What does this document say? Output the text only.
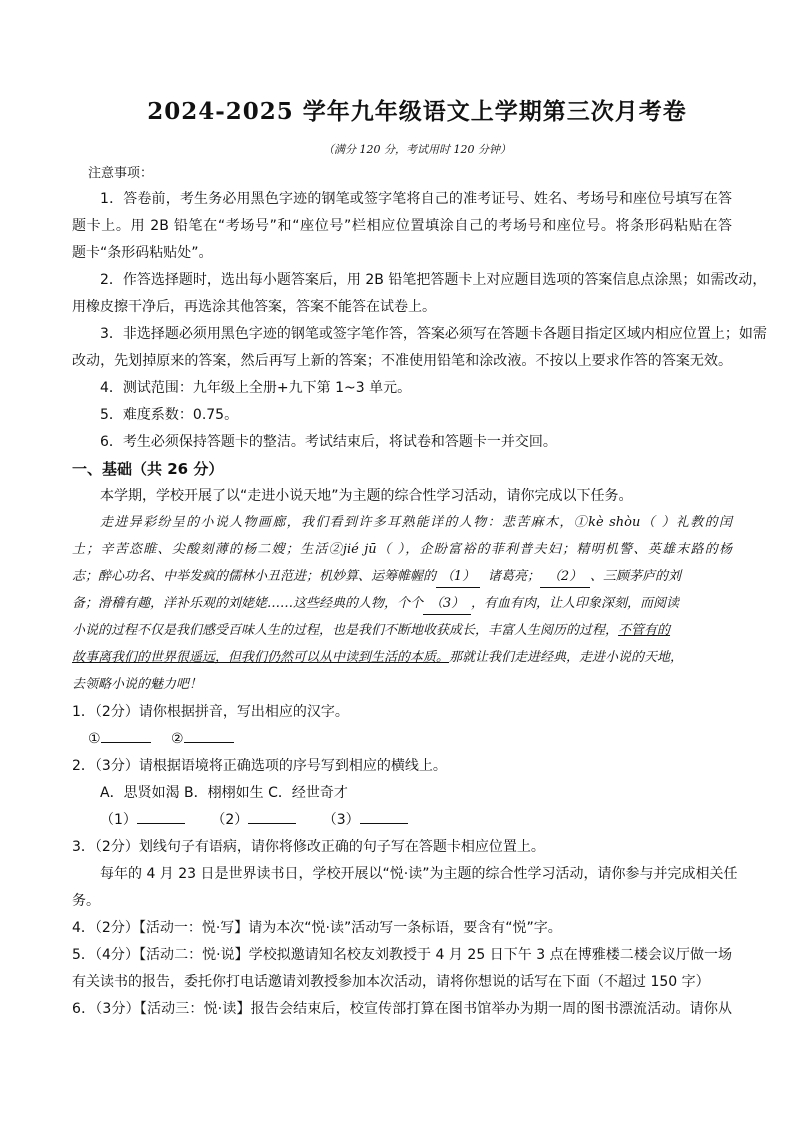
2024-2025 学年九年级语文上学期第三次月考卷
（满分 120 分，考试用时 120 分钟）
注意事项：
1．答卷前，考生务必用黑色字迹的钢笔或签字笔将自己的准考证号、姓名、考场号和座位号填写在答
题卡上。用 2B 铅笔在“考场号”和“座位号”栏相应位置填涂自己的考场号和座位号。将条形码粘贴在答
题卡“条形码粘贴处”。
2．作答选择题时，选出每小题答案后，用 2B 铅笔把答题卡上对应题目选项的答案信息点涂黑；如需改动，
用橡皮擦干净后，再选涂其他答案，答案不能答在试卷上。
3．非选择题必须用黑色字迹的钢笔或签字笔作答，答案必须写在答题卡各题目指定区域内相应位置上；如需
改动，先划掉原来的答案，然后再写上新的答案；不准使用铅笔和涂改液。不按以上要求作答的答案无效。
4．测试范围：九年级上全册+九下第 1~3 单元。
5．难度系数：0.75。
6．考生必须保持答题卡的整洁。考试结束后，将试卷和答题卡一并交回。
一、基础（共 26 分）
本学期，学校开展了以“走进小说天地”为主题的综合性学习活动，请你完成以下任务。
走进异彩纷呈的小说人物画廊，我们看到许多耳熟能详的人物：悲苦麻木，①kè shòu（ ）礼教的闰
土；辛苦恣睢、尖酸刻薄的杨二嫂；生活②jié jū（ ），企盼富裕的菲利普夫妇；精明机警、英雄末路的杨
志；醉心功名、中举发疯的儒林小丑范进；机妙算、运筹帷幄的 （1） 诸葛亮； （2） 、三顾茅庐的刘
备；滑稽有趣，洋补乐观的刘姥姥……这些经典的人物，个个 （3） ，有血有肉，让人印象深刻，而阅读
小说的过程不仅是我们感受百味人生的过程，也是我们不断地收获成长，丰富人生阅历的过程，不管有的
故事离我们的世界很遥远，但我们仍然可以从中读到生活的本质。那就让我们走进经典，走进小说的天地，
去领略小说的魅力吧！
1．（2分）请你根据拼音，写出相应的汉字。
①	②
2．（3分）请根据语境将正确选项的序号写到相应的横线上。
A．思贤如渴 B．栩栩如生 C．经世奇才
（1）	（2）	（3）
3．（2分）划线句子有语病，请你将修改正确的句子写在答题卡相应位置上。
每年的 4 月 23 日是世界读书日，学校开展以“悦·读”为主题的综合性学习活动，请你参与并完成相关任
务。
4．（2分）【活动一：悦·写】请为本次“悦·读”活动写一条标语，要含有“悦”字。
5．（4分）【活动二：悦·说】学校拟邀请知名校友刘教授于 4 月 25 日下午 3 点在博雅楼二楼会议厅做一场
有关读书的报告，委托你打电话邀请刘教授参加本次活动，请将你想说的话写在下面（不超过 150 字）
6．（3分）【活动三：悦·读】报告会结束后，校宣传部打算在图书馆举办为期一周的图书漂流活动。请你从
